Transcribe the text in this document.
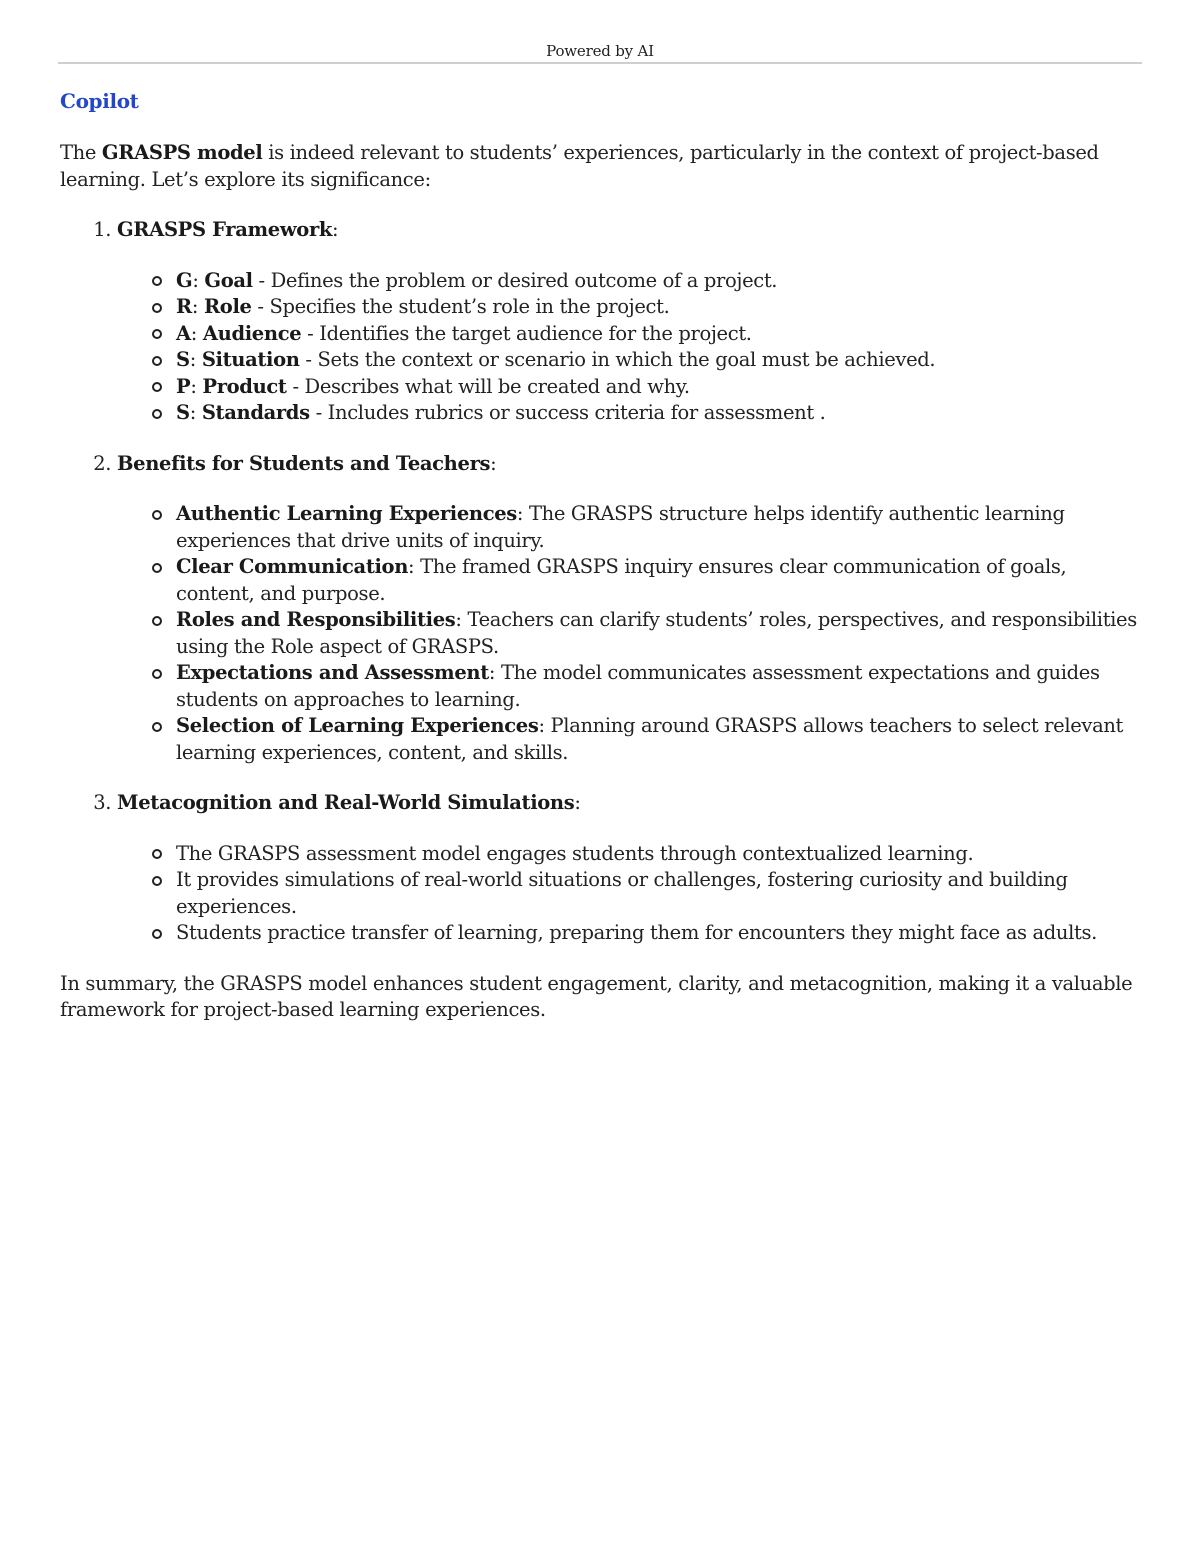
Powered by AI
Copilot

The GRASPS model is indeed relevant to students’ experiences, particularly in the context of project-based learning. Let’s explore its significance:

1. GRASPS Framework:
G: Goal - Defines the problem or desired outcome of a project.
R: Role - Specifies the student’s role in the project.
A: Audience - Identifies the target audience for the project.
S: Situation - Sets the context or scenario in which the goal must be achieved.
P: Product - Describes what will be created and why.
S: Standards - Includes rubrics or success criteria for assessment .
2. Benefits for Students and Teachers:
Authentic Learning Experiences: The GRASPS structure helps identify authentic learning experiences that drive units of inquiry.
Clear Communication: The framed GRASPS inquiry ensures clear communication of goals, content, and purpose.
Roles and Responsibilities: Teachers can clarify students’ roles, perspectives, and responsibilities using the Role aspect of GRASPS.
Expectations and Assessment: The model communicates assessment expectations and guides students on approaches to learning.
Selection of Learning Experiences: Planning around GRASPS allows teachers to select relevant learning experiences, content, and skills.
3. Metacognition and Real-World Simulations:
The GRASPS assessment model engages students through contextualized learning.
It provides simulations of real-world situations or challenges, fostering curiosity and building experiences.
Students practice transfer of learning, preparing them for encounters they might face as adults.

In summary, the GRASPS model enhances student engagement, clarity, and metacognition, making it a valuable framework for project-based learning experiences.
